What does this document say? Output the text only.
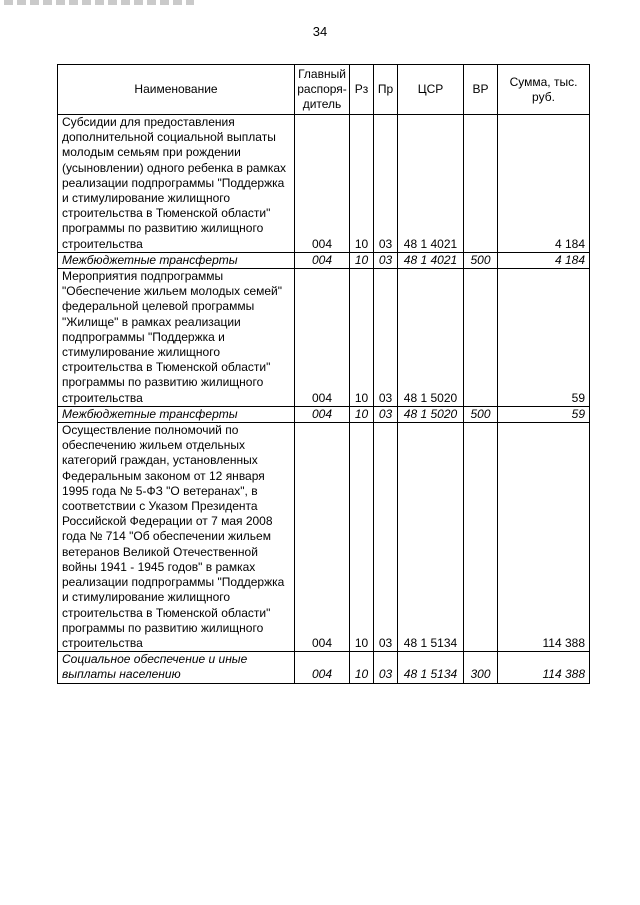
34
Наименование	Главный распоря-дитель	Рз	Пр	ЦСР	ВР	Сумма, тыс. руб.
Субсидии для предоставления дополнительной социальной выплаты молодым семьям при рождении (усыновлении) одного ребенка в рамках реализации подпрограммы "Поддержка и стимулирование жилищного строительства в Тюменской области" программы по развитию жилищного строительства	004	10	03	48 1 4021		4 184
Межбюджетные трансферты	004	10	03	48 1 4021	500	4 184
Мероприятия подпрограммы "Обеспечение жильем молодых семей" федеральной целевой программы "Жилище" в рамках реализации подпрограммы "Поддержка и стимулирование жилищного строительства в Тюменской области" программы по развитию жилищного строительства	004	10	03	48 1 5020		59
Межбюджетные трансферты	004	10	03	48 1 5020	500	59
Осуществление полномочий по обеспечению жильем отдельных категорий граждан, установленных Федеральным законом от 12 января 1995 года № 5-ФЗ "О ветеранах", в соответствии с Указом Президента Российской Федерации от 7 мая 2008 года № 714 "Об обеспечении жильем ветеранов Великой Отечественной войны 1941 - 1945 годов" в рамках реализации подпрограммы "Поддержка и стимулирование жилищного строительства в Тюменской области" программы по развитию жилищного строительства	004	10	03	48 1 5134		114 388
Социальное обеспечение и иные выплаты населению	004	10	03	48 1 5134	300	114 388
